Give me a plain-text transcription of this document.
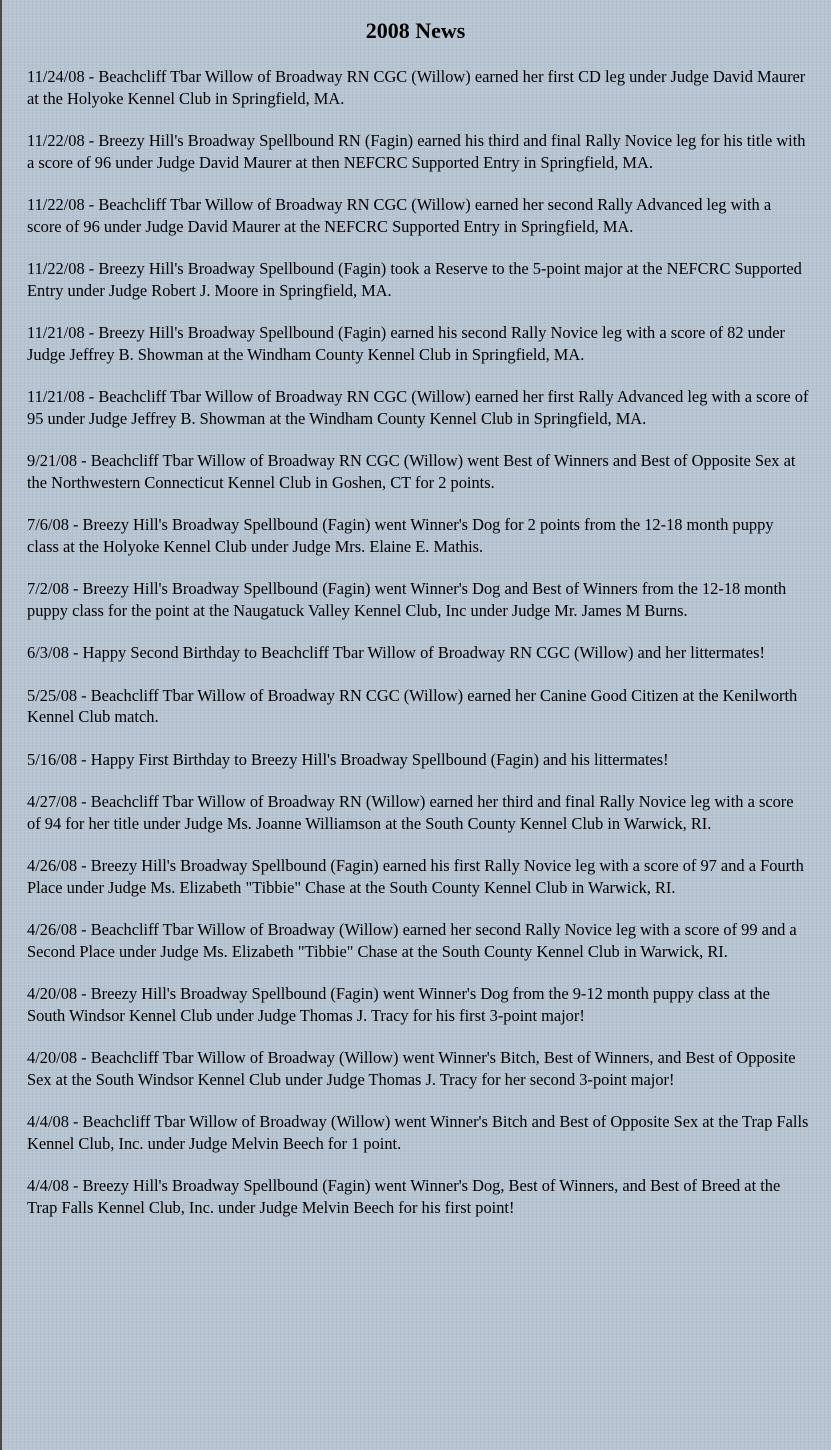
2008 News

11/24/08 - Beachcliff Tbar Willow of Broadway RN CGC (Willow) earned her first CD leg under Judge David Maurer at the Holyoke Kennel Club in Springfield, MA.

11/22/08 - Breezy Hill's Broadway Spellbound RN (Fagin) earned his third and final Rally Novice leg for his title with a score of 96 under Judge David Maurer at then NEFCRC Supported Entry in Springfield, MA.

11/22/08 - Beachcliff Tbar Willow of Broadway RN CGC (Willow) earned her second Rally Advanced leg with a score of 96 under Judge David Maurer at the NEFCRC Supported Entry in Springfield, MA.

11/22/08 - Breezy Hill's Broadway Spellbound (Fagin) took a Reserve to the 5-point major at the NEFCRC Supported Entry under Judge Robert J. Moore in Springfield, MA.

11/21/08 - Breezy Hill's Broadway Spellbound (Fagin) earned his second Rally Novice leg with a score of 82 under Judge Jeffrey B. Showman at the Windham County Kennel Club in Springfield, MA.

11/21/08 - Beachcliff Tbar Willow of Broadway RN CGC (Willow) earned her first Rally Advanced leg with a score of 95 under Judge Jeffrey B. Showman at the Windham County Kennel Club in Springfield, MA.

9/21/08 - Beachcliff Tbar Willow of Broadway RN CGC (Willow) went Best of Winners and Best of Opposite Sex at the Northwestern Connecticut Kennel Club in Goshen, CT for 2 points.

7/6/08 - Breezy Hill's Broadway Spellbound (Fagin) went Winner's Dog for 2 points from the 12-18 month puppy class at the Holyoke Kennel Club under Judge Mrs. Elaine E. Mathis.

7/2/08 - Breezy Hill's Broadway Spellbound (Fagin) went Winner's Dog and Best of Winners from the 12-18 month puppy class for the point at the Naugatuck Valley Kennel Club, Inc under Judge Mr. James M Burns.

6/3/08 - Happy Second Birthday to Beachcliff Tbar Willow of Broadway RN CGC (Willow) and her littermates!

5/25/08 - Beachcliff Tbar Willow of Broadway RN CGC (Willow) earned her Canine Good Citizen at the Kenilworth Kennel Club match.

5/16/08 - Happy First Birthday to Breezy Hill's Broadway Spellbound (Fagin) and his littermates!

4/27/08 - Beachcliff Tbar Willow of Broadway RN (Willow) earned her third and final Rally Novice leg with a score of 94 for her title under Judge Ms. Joanne Williamson at the South County Kennel Club in Warwick, RI.

4/26/08 - Breezy Hill's Broadway Spellbound (Fagin) earned his first Rally Novice leg with a score of 97 and a Fourth Place under Judge Ms. Elizabeth "Tibbie" Chase at the South County Kennel Club in Warwick, RI.

4/26/08 - Beachcliff Tbar Willow of Broadway (Willow) earned her second Rally Novice leg with a score of 99 and a Second Place under Judge Ms. Elizabeth "Tibbie" Chase at the South County Kennel Club in Warwick, RI.

4/20/08 - Breezy Hill's Broadway Spellbound (Fagin) went Winner's Dog from the 9-12 month puppy class at the South Windsor Kennel Club under Judge Thomas J. Tracy for his first 3-point major!

4/20/08 - Beachcliff Tbar Willow of Broadway (Willow) went Winner's Bitch, Best of Winners, and Best of Opposite Sex at the South Windsor Kennel Club under Judge Thomas J. Tracy for her second 3-point major!

4/4/08 - Beachcliff Tbar Willow of Broadway (Willow) went Winner's Bitch and Best of Opposite Sex at the Trap Falls Kennel Club, Inc. under Judge Melvin Beech for 1 point.

4/4/08 - Breezy Hill's Broadway Spellbound (Fagin) went Winner's Dog, Best of Winners, and Best of Breed at the Trap Falls Kennel Club, Inc. under Judge Melvin Beech for his first point!
